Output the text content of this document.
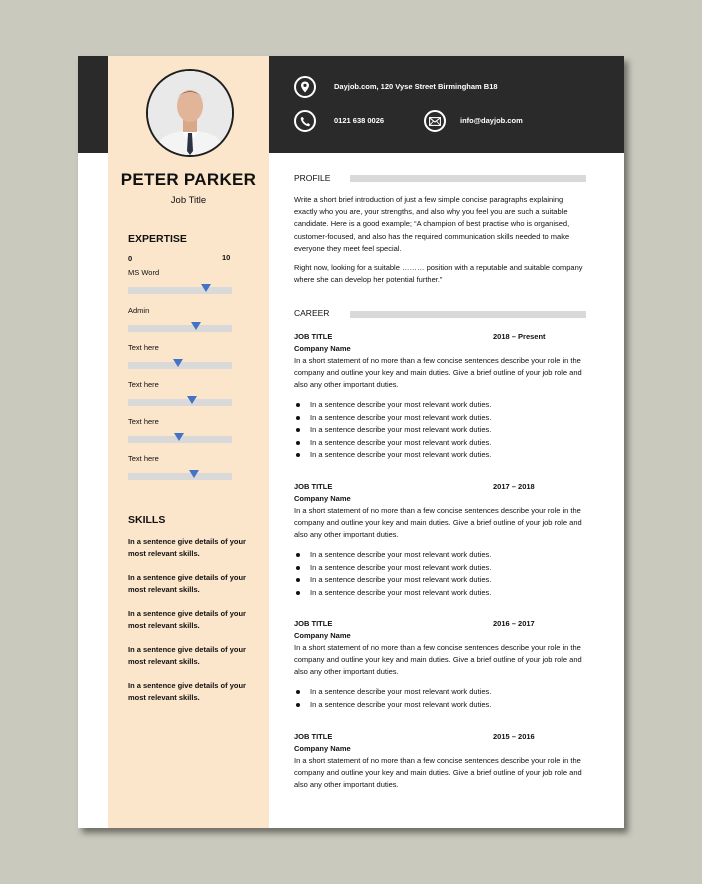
Dayjob.com, 120 Vyse Street Birmingham B18
0121 638 0026	info@dayjob.com
PETER PARKER
Job Title
EXPERTISE
0	10
MS Word
Admin
Text here
Text here
Text here
Text here
SKILLS
In a sentence give details of your most relevant skills.
In a sentence give details of your most relevant skills.
In a sentence give details of your most relevant skills.
In a sentence give details of your most relevant skills.
In a sentence give details of your most relevant skills.
PROFILE
Write a short brief introduction of just a few simple concise paragraphs explaining exactly who you are, your strengths, and also why you feel you are such a suitable candidate. Here is a good example; “A champion of best practise who is organised, customer-focused, and also has the required communication skills needed to make everyone they meet feel special.
Right now, looking for a suitable ……… position with a reputable and suitable company where she can develop her potential further.”
CAREER
JOB TITLE	2018 – Present
Company Name
In a short statement of no more than a few concise sentences describe your role in the company and outline your key and main duties. Give a brief outline of your job role and also any other important duties.
In a sentence describe your most relevant work duties.
In a sentence describe your most relevant work duties.
In a sentence describe your most relevant work duties.
In a sentence describe your most relevant work duties.
In a sentence describe your most relevant work duties.
JOB TITLE	2017 – 2018
Company Name
In a short statement of no more than a few concise sentences describe your role in the company and outline your key and main duties. Give a brief outline of your job role and also any other important duties.
In a sentence describe your most relevant work duties.
In a sentence describe your most relevant work duties.
In a sentence describe your most relevant work duties.
In a sentence describe your most relevant work duties.
JOB TITLE	2016 – 2017
Company Name
In a short statement of no more than a few concise sentences describe your role in the company and outline your key and main duties. Give a brief outline of your job role and also any other important duties.
In a sentence describe your most relevant work duties.
In a sentence describe your most relevant work duties.
JOB TITLE	2015 – 2016
Company Name
In a short statement of no more than a few concise sentences describe your role in the company and outline your key and main duties. Give a brief outline of your job role and also any other important duties.
